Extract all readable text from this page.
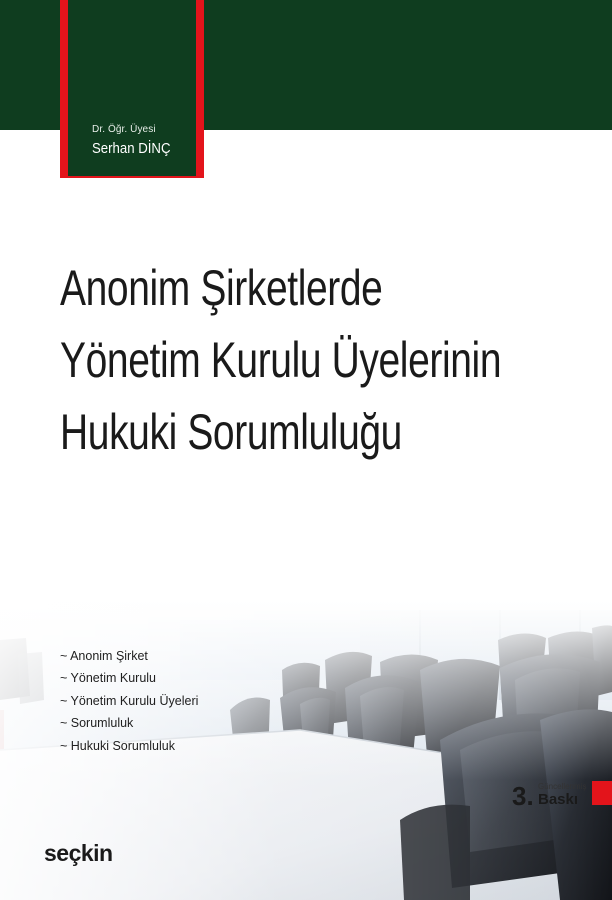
Dr. Öğr. Üyesi
Serhan DİNÇ
Anonim Şirketlerde
Yönetim Kurulu Üyelerinin
Hukuki Sorumluluğu
~ Anonim Şirket
~ Yönetim Kurulu
~ Yönetim Kurulu Üyeleri
~ Sorumluluk
~ Hukuki Sorumluluk
3. Güncellenmiş
Baskı
seçkin
